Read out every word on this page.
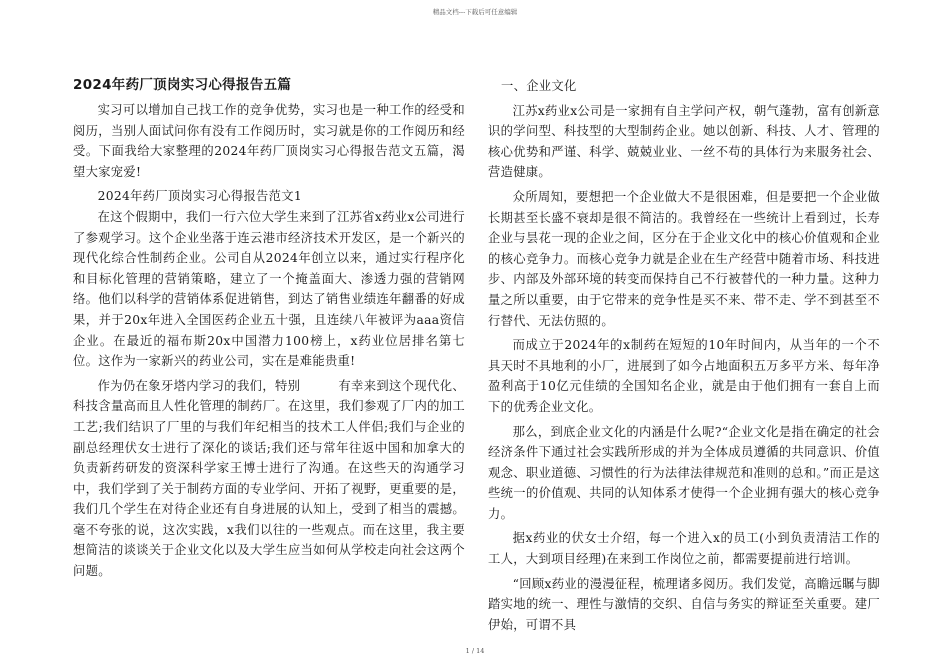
精品文档---下载后可任意编辑
2024年药厂顶岗实习心得报告五篇

实习可以增加自己找工作的竞争优势，实习也是一种工作的经受和阅历，当别人面试问你有没有工作阅历时，实习就是你的工作阅历和经受。下面我给大家整理的2024年药厂顶岗实习心得报告范文五篇，渴望大家宠爱!

2024年药厂顶岗实习心得报告范文1

在这个假期中，我们一行六位大学生来到了江苏省x药业x公司进行了参观学习。这个企业坐落于连云港市经济技术开发区，是一个新兴的现代化综合性制药企业。公司自从2024年创立以来，通过实行程序化和目标化管理的营销策略，建立了一个掩盖面大、渗透力强的营销网络。他们以科学的营销体系促进销售，到达了销售业绩连年翻番的好成果，并于20x年进入全国医药企业五十强，且连续八年被评为aaa资信企业。在最近的福布斯20x中国潜力100榜上，x药业位居排名第七位。这作为一家新兴的药业公司，实在是难能贵重!

作为仍在象牙塔内学习的我们，特别　　　有幸来到这个现代化、科技含量高而且人性化管理的制药厂。在这里，我们参观了厂内的加工工艺;我们结识了厂里的与我们年纪相当的技术工人伴侣;我们与企业的副总经理伏女士进行了深化的谈话;我们还与常年往返中国和加拿大的负责新药研发的资深科学家王博士进行了沟通。在这些天的沟通学习中，我们学到了关于制药方面的专业学问、开拓了视野，更重要的是，我们几个学生在对待企业还有自身进展的认知上，受到了相当的震撼。毫不夸张的说，这次实践，x我们以往的一些观点。而在这里，我主要想简洁的谈谈关于企业文化以及大学生应当如何从学校走向社会这两个问题。

一、企业文化

江苏x药业x公司是一家拥有自主学问产权，朝气蓬勃，富有创新意识的学问型、科技型的大型制药企业。她以创新、科技、人才、管理的核心优势和严谨、科学、兢兢业业、一丝不苟的具体行为来服务社会、营造健康。

众所周知，要想把一个企业做大不是很困难，但是要把一个企业做长期甚至长盛不衰却是很不简洁的。我曾经在一些统计上看到过，长寿企业与昙花一现的企业之间，区分在于企业文化中的核心价值观和企业的核心竞争力。而核心竞争力就是企业在生产经营中随着市场、科技进步、内部及外部环境的转变而保持自己不行被替代的一种力量。这种力量之所以重要，由于它带来的竞争性是买不来、带不走、学不到甚至不行替代、无法仿照的。

而成立于2024年的x制药在短短的10年时间内，从当年的一个不具天时不具地利的小厂，进展到了如今占地面积五万多平方米、每年净盈利高于10亿元佳绩的全国知名企业，就是由于他们拥有一套自上而下的优秀企业文化。

那么，到底企业文化的内涵是什么呢?“企业文化是指在确定的社会经济条件下通过社会实践所形成的并为全体成员遵循的共同意识、价值观念、职业道德、习惯性的行为法律法律规范和准则的总和。”而正是这些统一的价值观、共同的认知体系才使得一个企业拥有强大的核心竞争力。

据x药业的伏女士介绍，每一个进入x的员工(小到负责清洁工作的工人，大到项目经理)在来到工作岗位之前，都需要提前进行培训。

“回顾x药业的漫漫征程，梳理诸多阅历。我们发觉，高瞻远瞩与脚踏实地的统一、理性与激情的交织、自信与务实的辩证至关重要。建厂伊始，可谓不具

1 / 14
